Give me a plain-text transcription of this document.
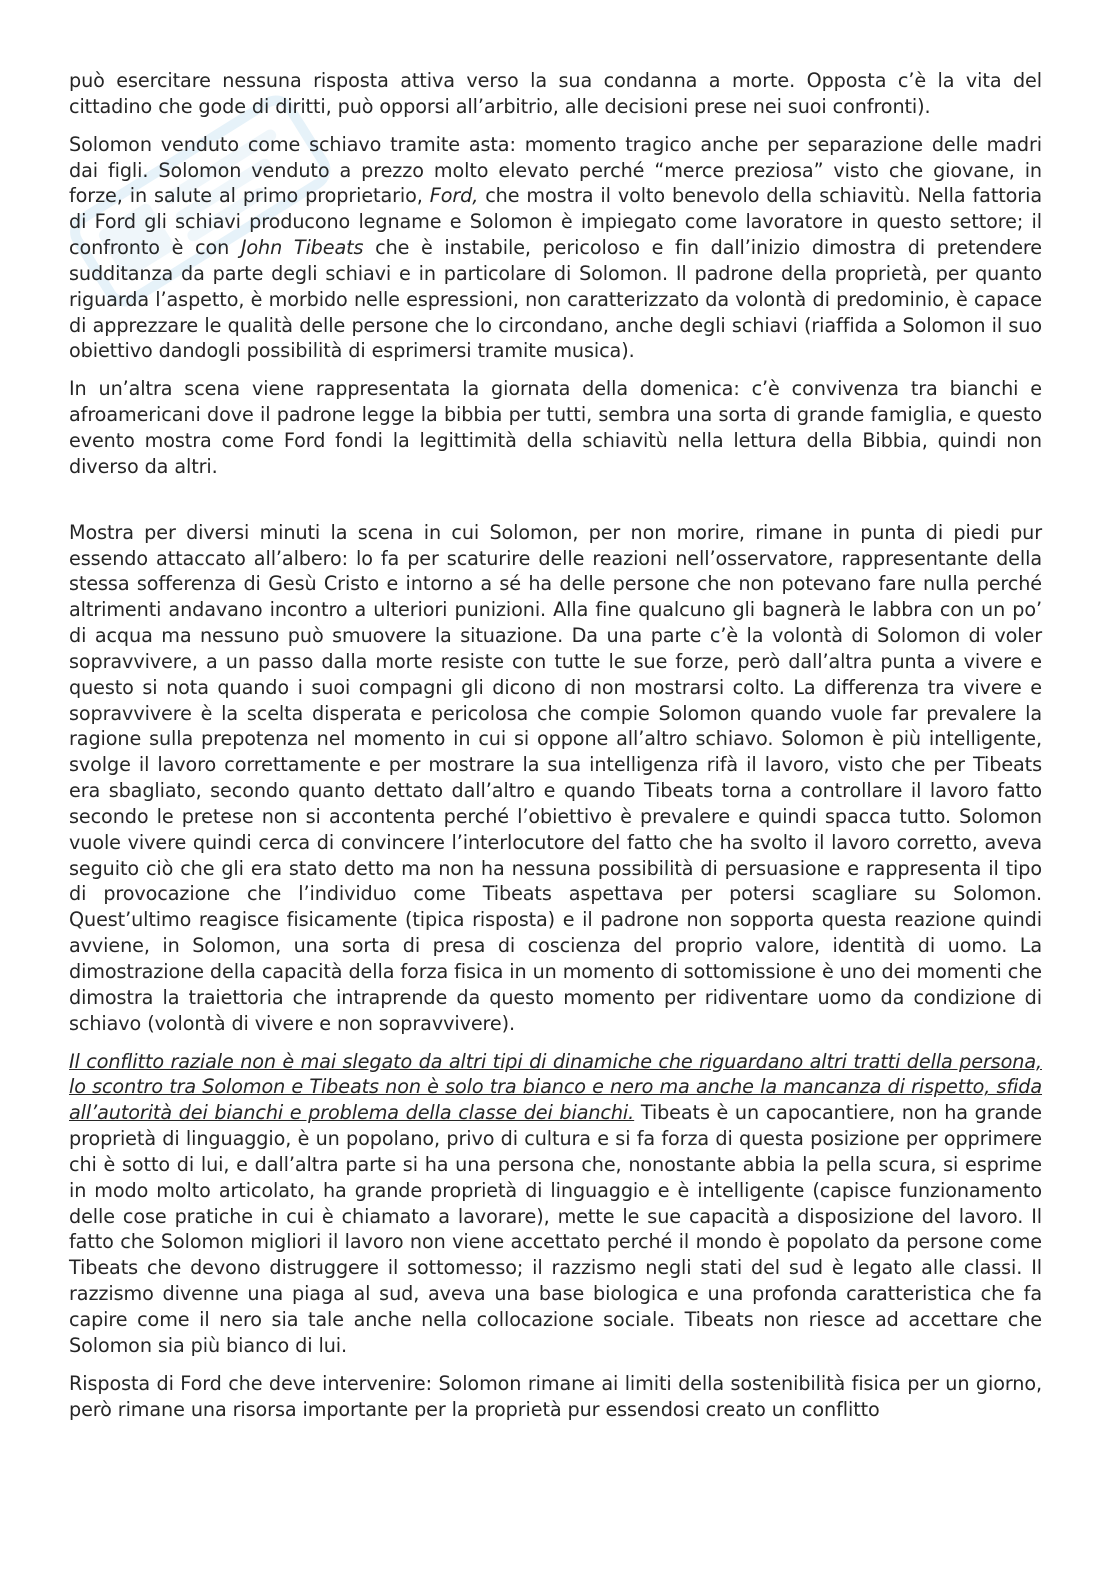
può esercitare nessuna risposta attiva verso la sua condanna a morte. Opposta c’è la vita del cittadino che gode di diritti, può opporsi all’arbitrio, alle decisioni prese nei suoi confronti).

Solomon venduto come schiavo tramite asta: momento tragico anche per separazione delle madri dai figli. Solomon venduto a prezzo molto elevato perché “merce preziosa” visto che giovane, in forze, in salute al primo proprietario, Ford, che mostra il volto benevolo della schiavitù. Nella fattoria di Ford gli schiavi producono legname e Solomon è impiegato come lavoratore in questo settore; il confronto è con John Tibeats che è instabile, pericoloso e fin dall’inizio dimostra di pretendere sudditanza da parte degli schiavi e in particolare di Solomon. Il padrone della proprietà, per quanto riguarda l’aspetto, è morbido nelle espressioni, non caratterizzato da volontà di predominio, è capace di apprezzare le qualità delle persone che lo circondano, anche degli schiavi (riaffida a Solomon il suo obiettivo dandogli possibilità di esprimersi tramite musica).

In un’altra scena viene rappresentata la giornata della domenica: c’è convivenza tra bianchi e afroamericani dove il padrone legge la bibbia per tutti, sembra una sorta di grande famiglia, e questo evento mostra come Ford fondi la legittimità della schiavitù nella lettura della Bibbia, quindi non diverso da altri.

Mostra per diversi minuti la scena in cui Solomon, per non morire, rimane in punta di piedi pur essendo attaccato all’albero: lo fa per scaturire delle reazioni nell’osservatore, rappresentante della stessa sofferenza di Gesù Cristo e intorno a sé ha delle persone che non potevano fare nulla perché altrimenti andavano incontro a ulteriori punizioni. Alla fine qualcuno gli bagnerà le labbra con un po’ di acqua ma nessuno può smuovere la situazione. Da una parte c’è la volontà di Solomon di voler sopravvivere, a un passo dalla morte resiste con tutte le sue forze, però dall’altra punta a vivere e questo si nota quando i suoi compagni gli dicono di non mostrarsi colto. La differenza tra vivere e sopravvivere è la scelta disperata e pericolosa che compie Solomon quando vuole far prevalere la ragione sulla prepotenza nel momento in cui si oppone all’altro schiavo. Solomon è più intelligente, svolge il lavoro correttamente e per mostrare la sua intelligenza rifà il lavoro, visto che per Tibeats era sbagliato, secondo quanto dettato dall’altro e quando Tibeats torna a controllare il lavoro fatto secondo le pretese non si accontenta perché l’obiettivo è prevalere e quindi spacca tutto. Solomon vuole vivere quindi cerca di convincere l’interlocutore del fatto che ha svolto il lavoro corretto, aveva seguito ciò che gli era stato detto ma non ha nessuna possibilità di persuasione e rappresenta il tipo di provocazione che l’individuo come Tibeats aspettava per potersi scagliare su Solomon. Quest’ultimo reagisce fisicamente (tipica risposta) e il padrone non sopporta questa reazione quindi avviene, in Solomon, una sorta di presa di coscienza del proprio valore, identità di uomo. La dimostrazione della capacità della forza fisica in un momento di sottomissione è uno dei momenti che dimostra la traiettoria che intraprende da questo momento per ridiventare uomo da condizione di schiavo (volontà di vivere e non sopravvivere).

Il conflitto raziale non è mai slegato da altri tipi di dinamiche che riguardano altri tratti della persona, lo scontro tra Solomon e Tibeats non è solo tra bianco e nero ma anche la mancanza di rispetto, sfida all’autorità dei bianchi e problema della classe dei bianchi. Tibeats è un capocantiere, non ha grande proprietà di linguaggio, è un popolano, privo di cultura e si fa forza di questa posizione per opprimere chi è sotto di lui, e dall’altra parte si ha una persona che, nonostante abbia la pella scura, si esprime in modo molto articolato, ha grande proprietà di linguaggio e è intelligente (capisce funzionamento delle cose pratiche in cui è chiamato a lavorare), mette le sue capacità a disposizione del lavoro. Il fatto che Solomon migliori il lavoro non viene accettato perché il mondo è popolato da persone come Tibeats che devono distruggere il sottomesso; il razzismo negli stati del sud è legato alle classi. Il razzismo divenne una piaga al sud, aveva una base biologica e una profonda caratteristica che fa capire come il nero sia tale anche nella collocazione sociale. Tibeats non riesce ad accettare che Solomon sia più bianco di lui.

Risposta di Ford che deve intervenire: Solomon rimane ai limiti della sostenibilità fisica per un giorno, però rimane una risorsa importante per la proprietà pur essendosi creato un conflitto
